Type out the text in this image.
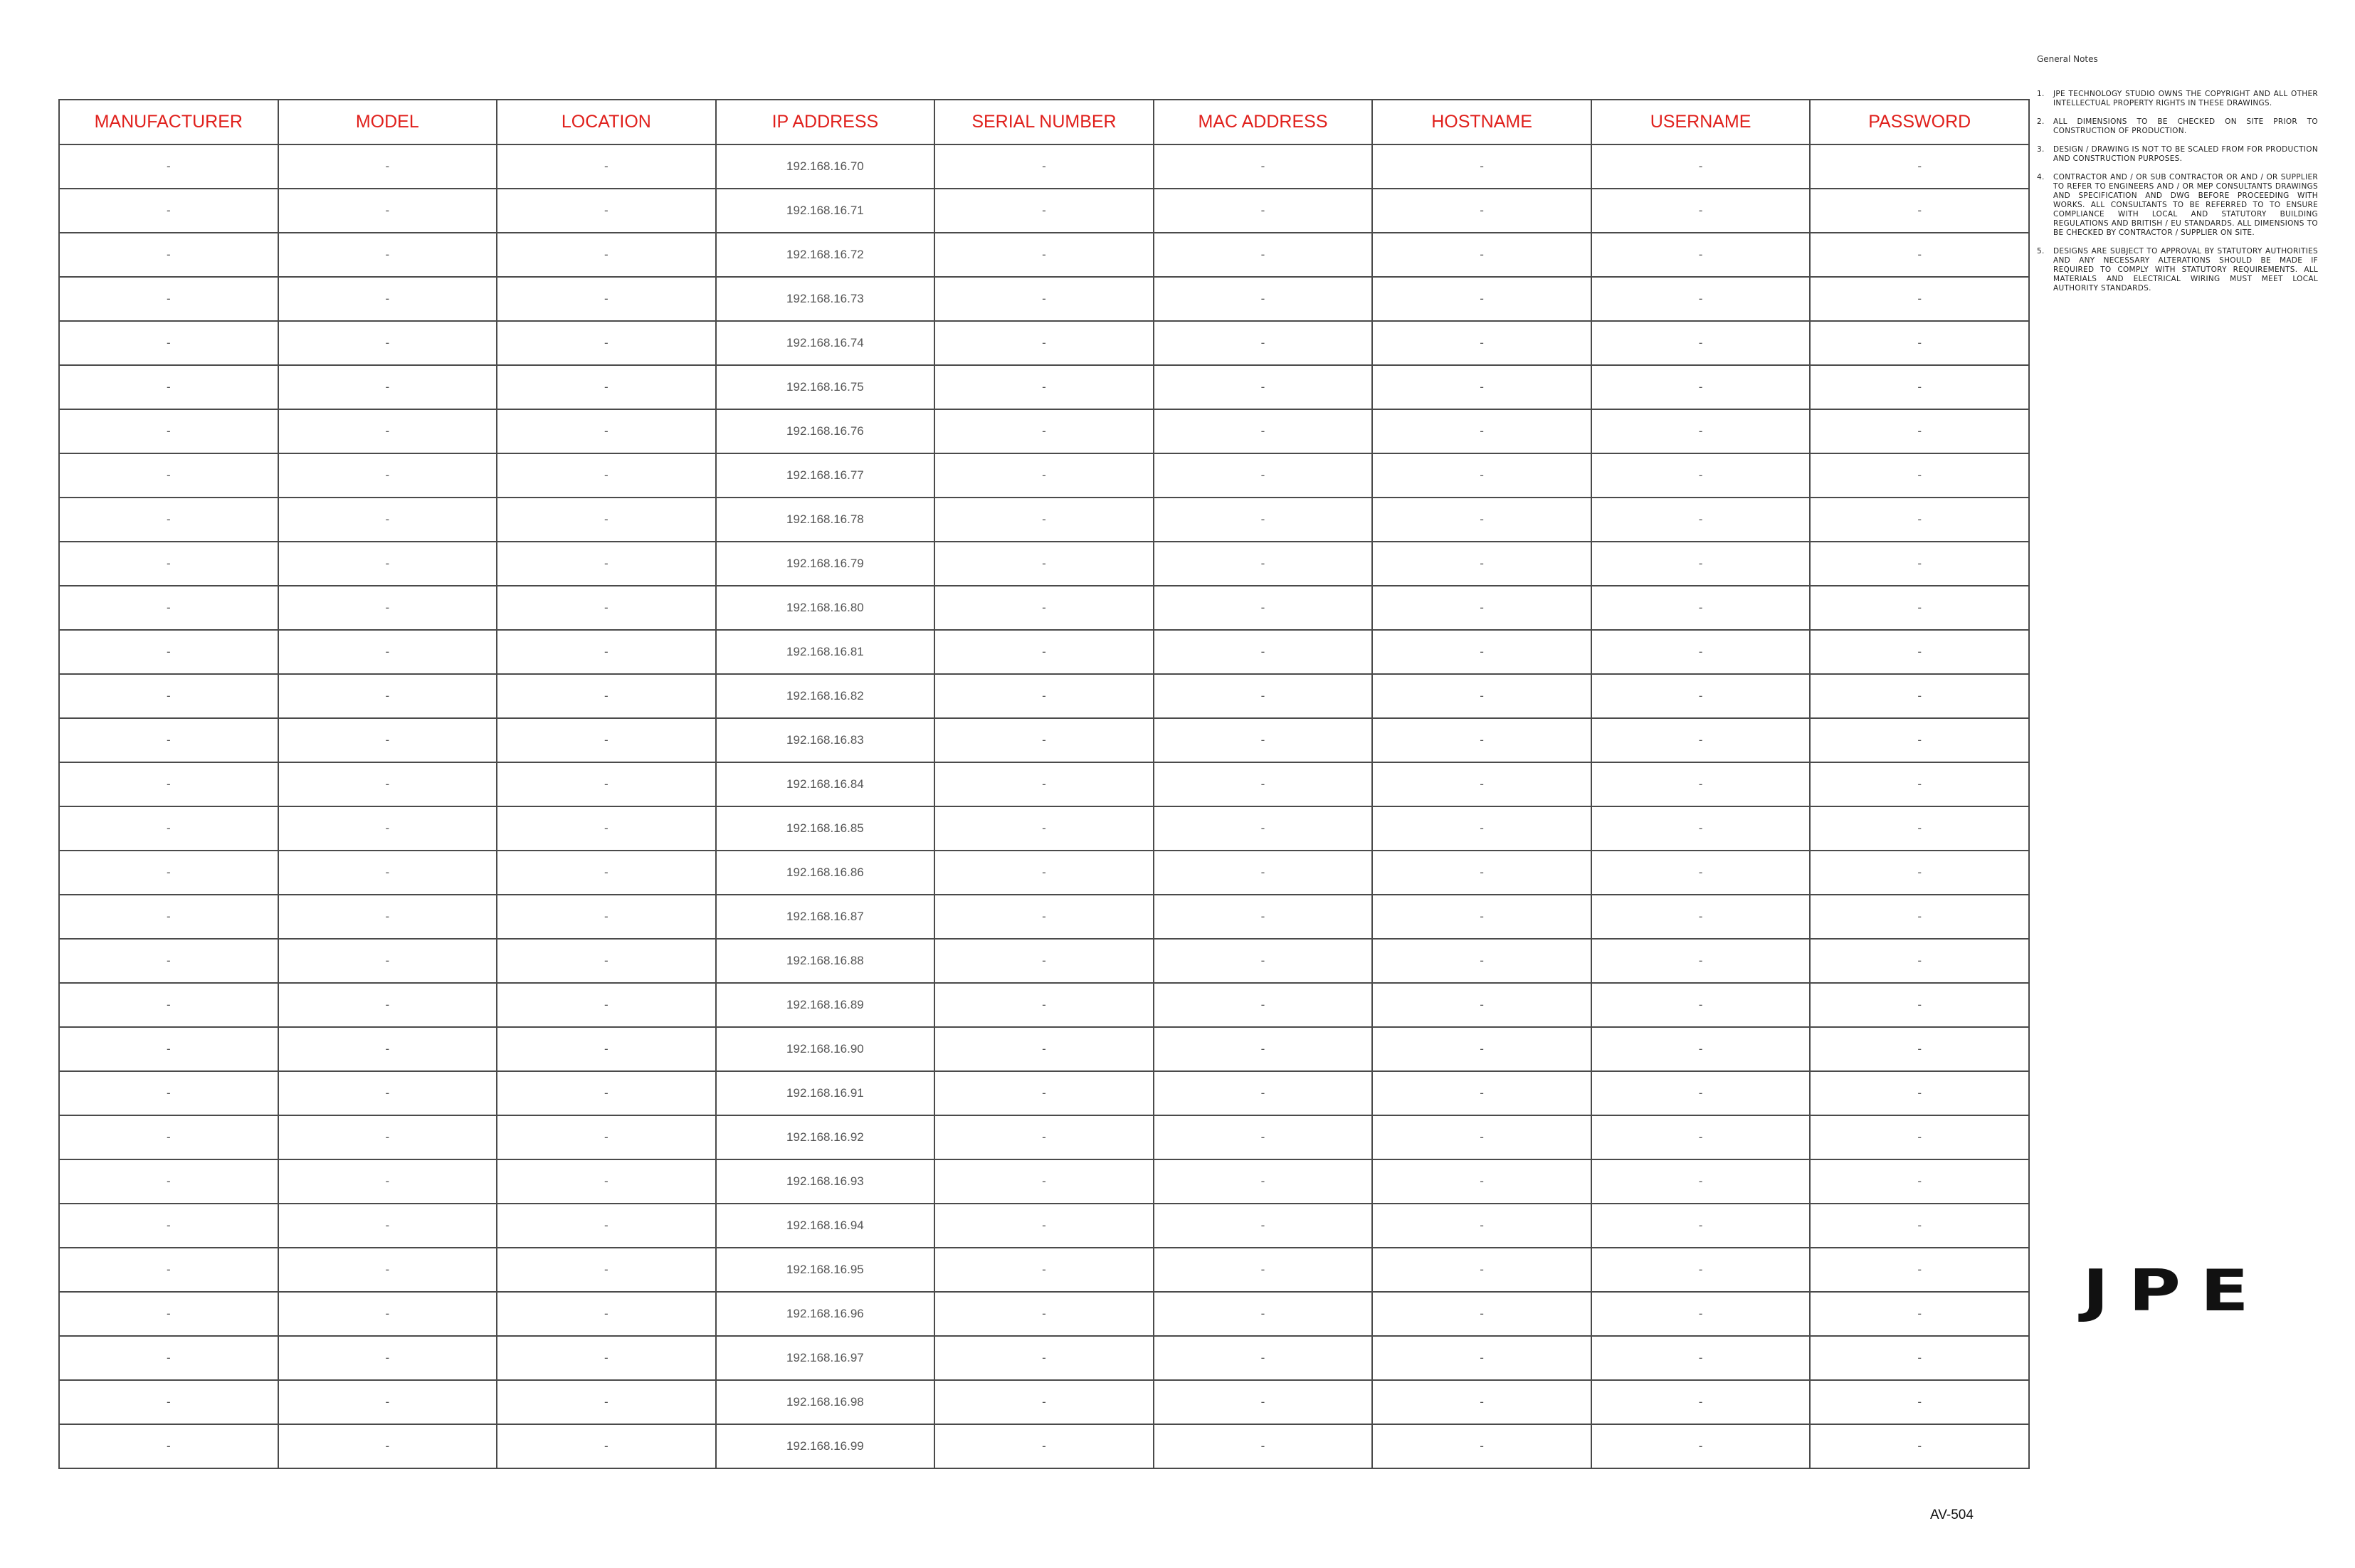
MANUFACTURER	MODEL	LOCATION	IP ADDRESS	SERIAL NUMBER	MAC ADDRESS	HOSTNAME	USERNAME	PASSWORD
-	-	-	192.168.16.70	-	-	-	-	-
-	-	-	192.168.16.71	-	-	-	-	-
-	-	-	192.168.16.72	-	-	-	-	-
-	-	-	192.168.16.73	-	-	-	-	-
-	-	-	192.168.16.74	-	-	-	-	-
-	-	-	192.168.16.75	-	-	-	-	-
-	-	-	192.168.16.76	-	-	-	-	-
-	-	-	192.168.16.77	-	-	-	-	-
-	-	-	192.168.16.78	-	-	-	-	-
-	-	-	192.168.16.79	-	-	-	-	-
-	-	-	192.168.16.80	-	-	-	-	-
-	-	-	192.168.16.81	-	-	-	-	-
-	-	-	192.168.16.82	-	-	-	-	-
-	-	-	192.168.16.83	-	-	-	-	-
-	-	-	192.168.16.84	-	-	-	-	-
-	-	-	192.168.16.85	-	-	-	-	-
-	-	-	192.168.16.86	-	-	-	-	-
-	-	-	192.168.16.87	-	-	-	-	-
-	-	-	192.168.16.88	-	-	-	-	-
-	-	-	192.168.16.89	-	-	-	-	-
-	-	-	192.168.16.90	-	-	-	-	-
-	-	-	192.168.16.91	-	-	-	-	-
-	-	-	192.168.16.92	-	-	-	-	-
-	-	-	192.168.16.93	-	-	-	-	-
-	-	-	192.168.16.94	-	-	-	-	-
-	-	-	192.168.16.95	-	-	-	-	-
-	-	-	192.168.16.96	-	-	-	-	-
-	-	-	192.168.16.97	-	-	-	-	-
-	-	-	192.168.16.98	-	-	-	-	-
-	-	-	192.168.16.99	-	-	-	-	-
General Notes
1.	JPE TECHNOLOGY STUDIO OWNS THE COPYRIGHT AND ALL OTHER INTELLECTUAL PROPERTY RIGHTS IN THESE DRAWINGS.
2.	ALL DIMENSIONS TO BE CHECKED ON SITE PRIOR TO CONSTRUCTION OF PRODUCTION.
3.	DESIGN / DRAWING IS NOT TO BE SCALED FROM FOR PRODUCTION AND CONSTRUCTION PURPOSES.
4.	CONTRACTOR AND / OR SUB CONTRACTOR OR AND / OR SUPPLIER TO REFER TO ENGINEERS AND / OR MEP CONSULTANTS DRAWINGS AND SPECIFICATION AND DWG BEFORE PROCEEDING WITH WORKS. ALL CONSULTANTS TO BE REFERRED TO TO ENSURE COMPLIANCE WITH LOCAL AND STATUTORY BUILDING REGULATIONS AND BRITISH / EU STANDARDS. ALL DIMENSIONS TO BE CHECKED BY CONTRACTOR / SUPPLIER ON SITE.
5.	DESIGNS ARE SUBJECT TO APPROVAL BY STATUTORY AUTHORITIES AND ANY NECESSARY ALTERATIONS SHOULD BE MADE IF REQUIRED TO COMPLY WITH STATUTORY REQUIREMENTS. ALL MATERIALS AND ELECTRICAL WIRING MUST MEET LOCAL AUTHORITY STANDARDS.
JPE
AV-504
